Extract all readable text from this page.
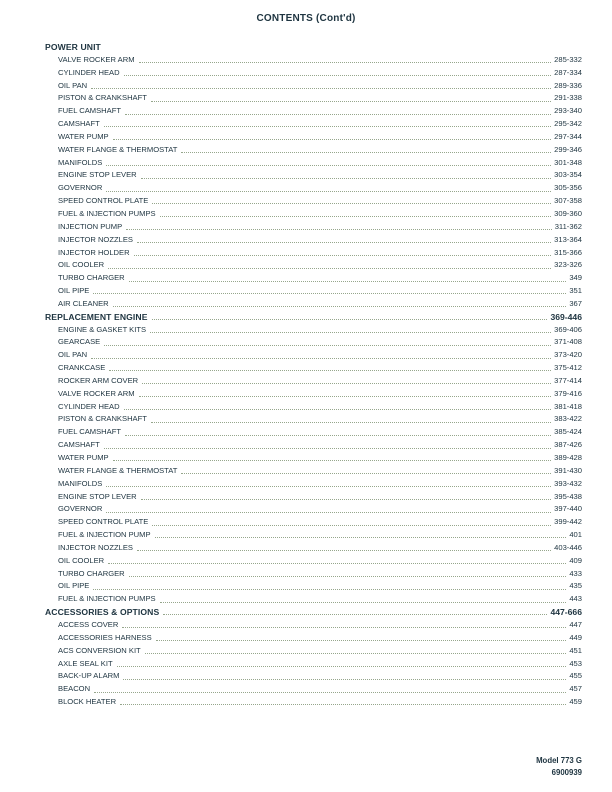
CONTENTS (Cont'd)
POWER UNIT
VALVE ROCKER ARM	285-332
CYLINDER HEAD	287-334
OIL PAN	289-336
PISTON & CRANKSHAFT	291-338
FUEL CAMSHAFT	293-340
CAMSHAFT	295-342
WATER PUMP	297-344
WATER FLANGE & THERMOSTAT	299-346
MANIFOLDS	301-348
ENGINE STOP LEVER	303-354
GOVERNOR	305-356
SPEED CONTROL PLATE	307-358
FUEL & INJECTION PUMPS	309-360
INJECTION PUMP	311-362
INJECTOR NOZZLES	313-364
INJECTOR HOLDER	315-366
OIL COOLER	323-326
TURBO CHARGER	349
OIL PIPE	351
AIR CLEANER	367
REPLACEMENT ENGINE	369-446
ENGINE & GASKET KITS	369-406
GEARCASE	371-408
OIL PAN	373-420
CRANKCASE	375-412
ROCKER ARM COVER	377-414
VALVE ROCKER ARM	379-416
CYLINDER HEAD	381-418
PISTON & CRANKSHAFT	383-422
FUEL CAMSHAFT	385-424
CAMSHAFT	387-426
WATER PUMP	389-428
WATER FLANGE & THERMOSTAT	391-430
MANIFOLDS	393-432
ENGINE STOP LEVER	395-438
GOVERNOR	397-440
SPEED CONTROL PLATE	399-442
FUEL & INJECTION PUMP	401
INJECTOR NOZZLES	403-446
OIL COOLER	409
TURBO CHARGER	433
OIL PIPE	435
FUEL & INJECTION PUMPS	443
ACCESSORIES & OPTIONS	447-666
ACCESS COVER	447
ACCESSORIES HARNESS	449
ACS CONVERSION KIT	451
AXLE SEAL KIT	453
BACK-UP ALARM	455
BEACON	457
BLOCK HEATER	459
Model 773 G
6900939
